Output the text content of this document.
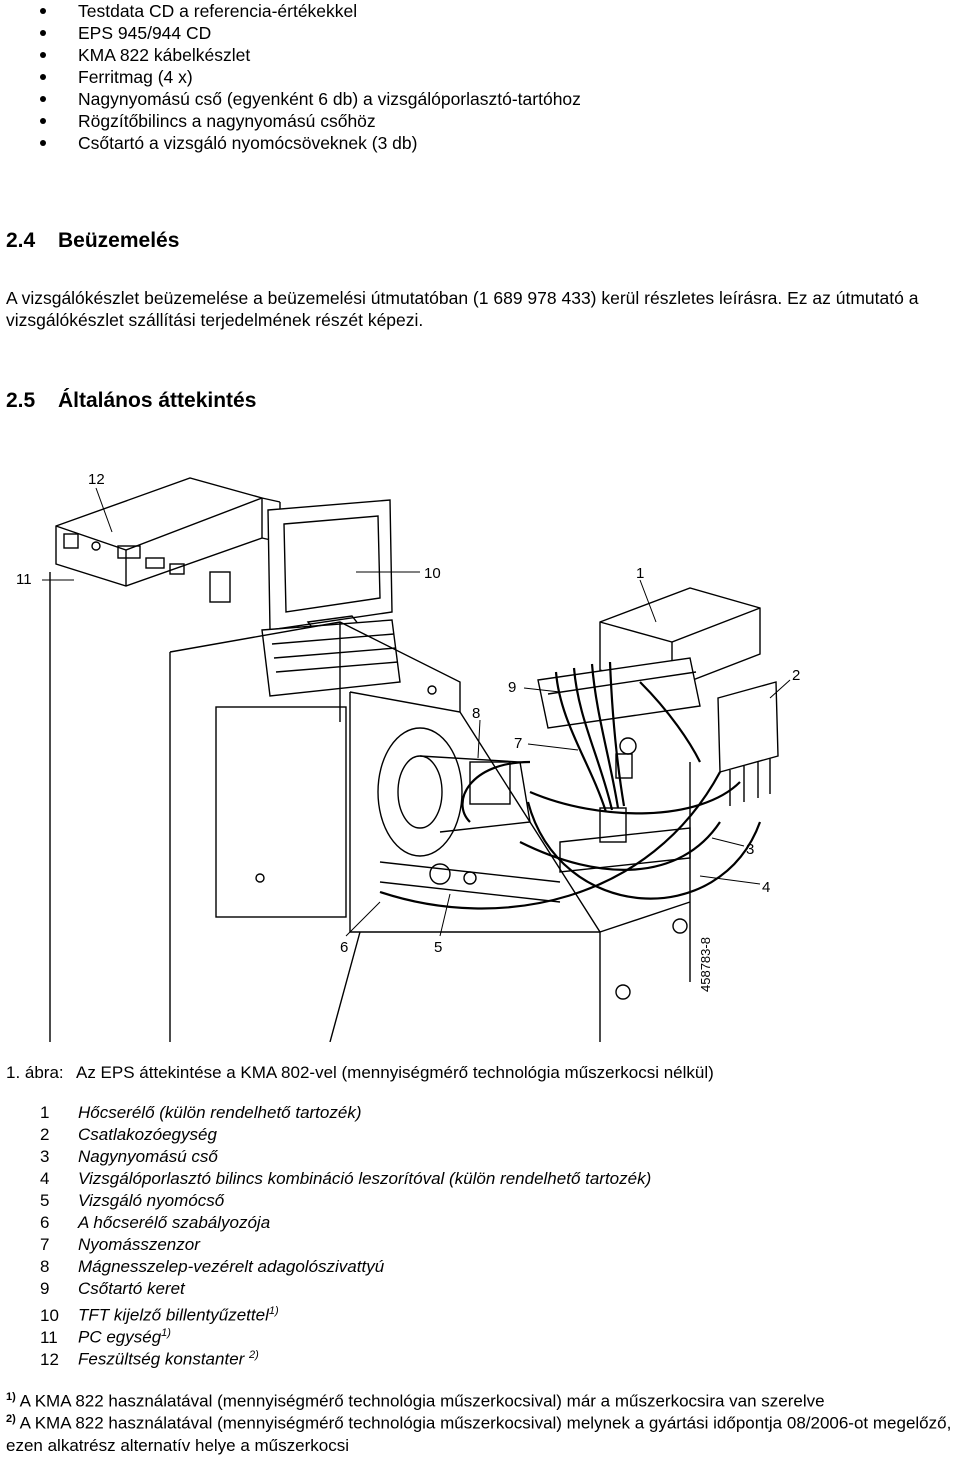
Testdata CD a referencia-értékekkel
EPS 945/944 CD
KMA 822 kábelkészlet
Ferritmag (4 x)
Nagynyomású cső (egyenként 6 db) a vizsgálóporlasztó-tartóhoz
Rögzítőbilincs a nagynyomású csőhöz
Csőtartó a vizsgáló nyomócsöveknek (3 db)
2.4 Beüzemelés

A vizsgálókészlet beüzemelése a beüzemelési útmutatóban (1 689 978 433) kerül részletes leírásra. Ez az útmutató a vizsgálókészlet szállítási terjedelmének részét képezi.

2.5 Általános áttekintés
12
11	10	1
9
2
8
7
3
4
6	5	458783-8
1. ábra: Az EPS áttekintése a KMA 802-vel (mennyiségmérő technológia műszerkocsi nélkül)
1 Hőcserélő (külön rendelhető tartozék)
2 Csatlakozóegység
3 Nagynyomású cső
4 Vizsgálóporlasztó bilincs kombináció leszorítóval (külön rendelhető tartozék)
5 Vizsgáló nyomócső
6 A hőcserélő szabályozója
7 Nyomásszenzor
8 Mágnesszelep-vezérelt adagolószivattyú
9 Csőtartó keret
10 TFT kijelző billentyűzettel$^{1)}$
11 PC egység$^{1)}$
12 Feszültség konstanter $^{2)}$
$^{1)}$ A KMA 822 használatával (mennyiségmérő technológia műszerkocsival) már a műszerkocsira van szerelve
$^{2)}$ A KMA 822 használatával (mennyiségmérő technológia műszerkocsival) melynek a gyártási időpontja 08/2006-ot megelőző, ezen alkatrész alternatív helye a műszerkocsi
